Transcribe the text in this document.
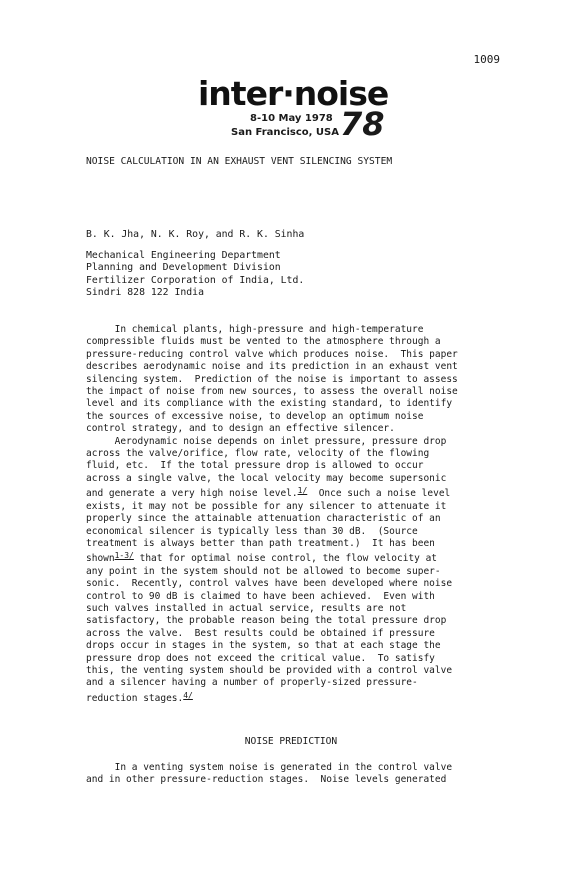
1009
inter·noise
8-10 May 1978
San Francisco, USA 78
NOISE CALCULATION IN AN EXHAUST VENT SILENCING SYSTEM
B. K. Jha, N. K. Roy, and R. K. Sinha
Mechanical Engineering Department
Planning and Development Division
Fertilizer Corporation of India, Ltd.
Sindri 828 122 India
In chemical plants, high-pressure and high-temperature
compressible fluids must be vented to the atmosphere through a
pressure-reducing control valve which produces noise.  This paper
describes aerodynamic noise and its prediction in an exhaust vent
silencing system.  Prediction of the noise is important to assess
the impact of noise from new sources, to assess the overall noise
level and its compliance with the existing standard, to identify
the sources of excessive noise, to develop an optimum noise
control strategy, and to design an effective silencer.
Aerodynamic noise depends on inlet pressure, pressure drop
across the valve/orifice, flow rate, velocity of the flowing
fluid, etc.  If the total pressure drop is allowed to occur
across a single valve, the local velocity may become supersonic
and generate a very high noise level.$^{1/}$  Once such a noise level
exists, it may not be possible for any silencer to attenuate it
properly since the attainable attenuation characteristic of an
economical silencer is typically less than 30 dB.  (Source
treatment is always better than path treatment.)  It has been
shown$^{1-3/}$ that for optimal noise control, the flow velocity at
any point in the system should not be allowed to become super-
sonic.  Recently, control valves have been developed where noise
control to 90 dB is claimed to have been achieved.  Even with
such valves installed in actual service, results are not
satisfactory, the probable reason being the total pressure drop
across the valve.  Best results could be obtained if pressure
drops occur in stages in the system, so that at each stage the
pressure drop does not exceed the critical value.  To satisfy
this, the venting system should be provided with a control valve
and a silencer having a number of properly-sized pressure-
reduction stages.$^{4/}$
NOISE PREDICTION
In a venting system noise is generated in the control valve
and in other pressure-reduction stages.  Noise levels generated
